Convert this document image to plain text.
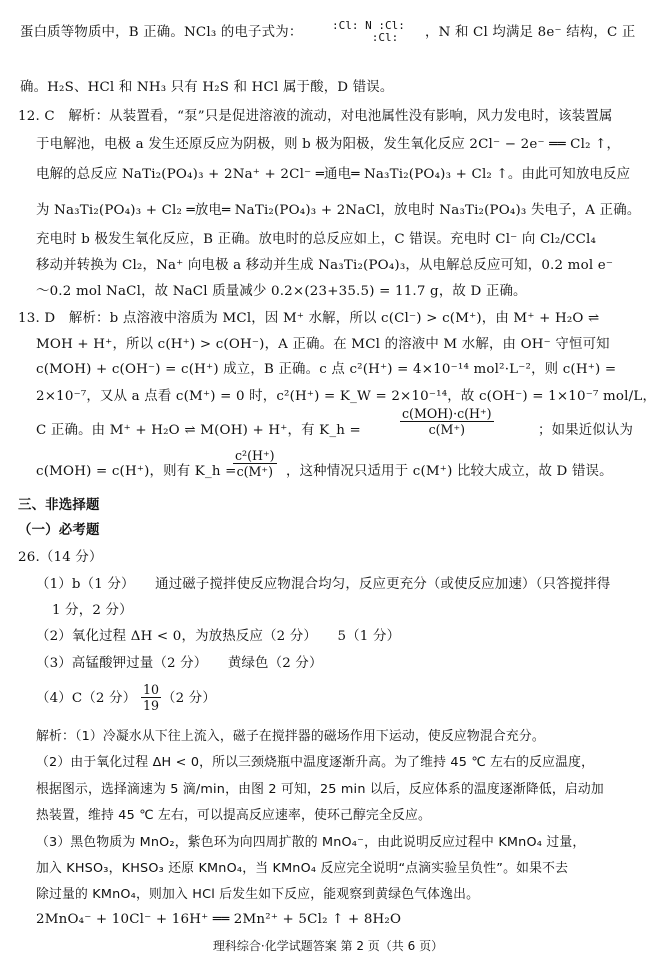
蛋白质等物质中，B 正确。NCl₃ 的电子式为：	:Cl: N :Cl:
:Cl:	，N 和 Cl 均满足 8e⁻ 结构，C 正
确。H₂S、HCl 和 NH₃ 只有 H₂S 和 HCl 属于酸，D 错误。
12. C　解析：从装置看，“泵”只是促进溶液的流动，对电池属性没有影响，风力发电时，该装置属
于电解池，电极 a 发生还原反应为阴极，则 b 极为阳极，发生氧化反应 2Cl⁻ − 2e⁻ ══ Cl₂ ↑，
电解的总反应 NaTi₂(PO₄)₃ + 2Na⁺ + 2Cl⁻ ═通电═ Na₃Ti₂(PO₄)₃ + Cl₂ ↑。由此可知放电反应
为 Na₃Ti₂(PO₄)₃ + Cl₂ ═放电═ NaTi₂(PO₄)₃ + 2NaCl，放电时 Na₃Ti₂(PO₄)₃ 失电子，A 正确。
充电时 b 极发生氧化反应，B 正确。放电时的总反应如上，C 错误。充电时 Cl⁻ 向 Cl₂/CCl₄
移动并转换为 Cl₂，Na⁺ 向电极 a 移动并生成 Na₃Ti₂(PO₄)₃，从电解总反应可知，0.2 mol e⁻
～0.2 mol NaCl，故 NaCl 质量减少 0.2×(23+35.5) = 11.7 g，故 D 正确。
13. D　解析：b 点溶液中溶质为 MCl，因 M⁺ 水解，所以 c(Cl⁻) > c(M⁺)，由 M⁺ + H₂O ⇌
MOH + H⁺，所以 c(H⁺) > c(OH⁻)，A 正确。在 MCl 的溶液中 M 水解，由 OH⁻ 守恒可知
c(MOH) + c(OH⁻) = c(H⁺) 成立，B 正确。c 点 c²(H⁺) = 4×10⁻¹⁴ mol²·L⁻²，则 c(H⁺) =
2×10⁻⁷，又从 a 点看 c(M⁺) = 0 时，c²(H⁺) = K_W = 2×10⁻¹⁴，故 c(OH⁻) = 1×10⁻⁷ mol/L，
C 正确。由 M⁺ + H₂O ⇌ M(OH) + H⁺，有 K_h =
c(MOH)·c(H⁺)
c(M⁺)	；如果近似认为
c(MOH) = c(H⁺)，则有 K_h =
$\frac{\text{c²(H⁺)}}{c(M^+)}$ ，这种情况只适用于 c(M⁺) 比较大成立，故 D 错误。
三、非选择题
（一）必考题
26.（14 分）
（1）b（1 分）　　通过磁子搅拌使反应物混合均匀，反应更充分（或使反应加速）（只答搅拌得
1 分，2 分）
（2）氧化过程 ΔH < 0，为放热反应（2 分）　　5（1 分）
（3）高锰酸钾过量（2 分）　　黄绿色（2 分）
（4）C（2 分） $\frac{10}{19} (2$ 分）
解析：（1）冷凝水从下往上流入，磁子在搅拌器的磁场作用下运动，使反应物混合充分。
（2）由于氧化过程 ΔH < 0，所以三颈烧瓶中温度逐渐升高。为了维持 45 ℃ 左右的反应温度，
根据图示，选择滴速为 5 滴/min，由图 2 可知，25 min 以后，反应体系的温度逐渐降低，启动加
热装置，维持 45 ℃ 左右，可以提高反应速率，使环己醇完全反应。
（3）黑色物质为 MnO₂，紫色环为向四周扩散的 MnO₄⁻，由此说明反应过程中 KMnO₄ 过量，
加入 KHSO₃，KHSO₃ 还原 KMnO₄，当 KMnO₄ 反应完全说明“点滴实验呈负性”。如果不去
除过量的 KMnO₄，则加入 HCl 后发生如下反应，能观察到黄绿色气体逸出。
2MnO₄⁻ + 10Cl⁻ + 16H⁺ ══ 2Mn²⁺ + 5Cl₂ ↑ + 8H₂O
理科综合·化学试题答案 第 2 页（共 6 页）
